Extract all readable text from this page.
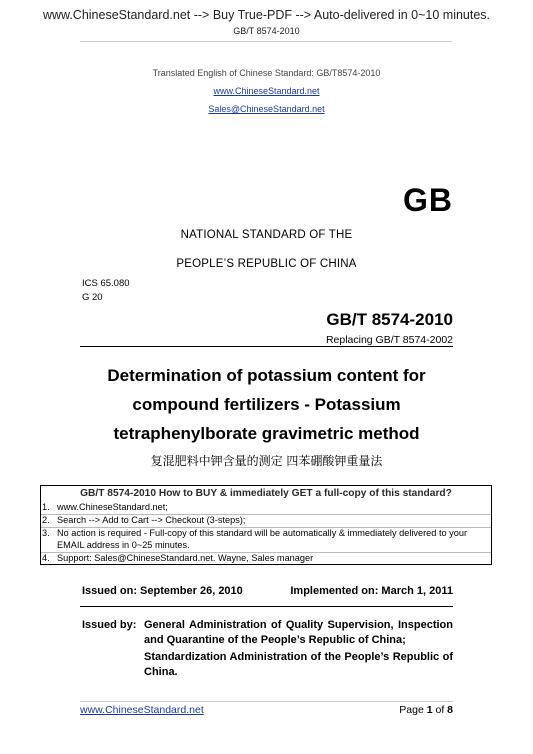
www.ChineseStandard.net --> Buy True-PDF --> Auto-delivered in 0~10 minutes.
GB/T 8574-2010
Translated English of Chinese Standard: GB/T8574-2010
www.ChineseStandard.net
Sales@ChineseStandard.net
GB
NATIONAL STANDARD OF THE
PEOPLE’S REPUBLIC OF CHINA
ICS 65.080
G 20
GB/T 8574-2010
Replacing GB/T 8574-2002
Determination of potassium content for
compound fertilizers - Potassium
tetraphenylborate gravimetric method
复混肥料中钾含量的测定 四苯硼酸钾重量法
GB/T 8574-2010 How to BUY & immediately GET a full-copy of this standard?
1. www.ChineseStandard.net;
2. Search --> Add to Cart --> Checkout (3-steps);
3. No action is required - Full-copy of this standard will be automatically & immediately delivered to your EMAIL address in 0~25 minutes.
4. Support: Sales@ChineseStandard.net. Wayne, Sales manager
Issued on: September 26, 2010	Implemented on: March 1, 2011
Issued by: General Administration of Quality Supervision, Inspection and Quarantine of the People’s Republic of China;
Standardization Administration of the People’s Republic of China.
www.ChineseStandard.net	Page 1 of 8
